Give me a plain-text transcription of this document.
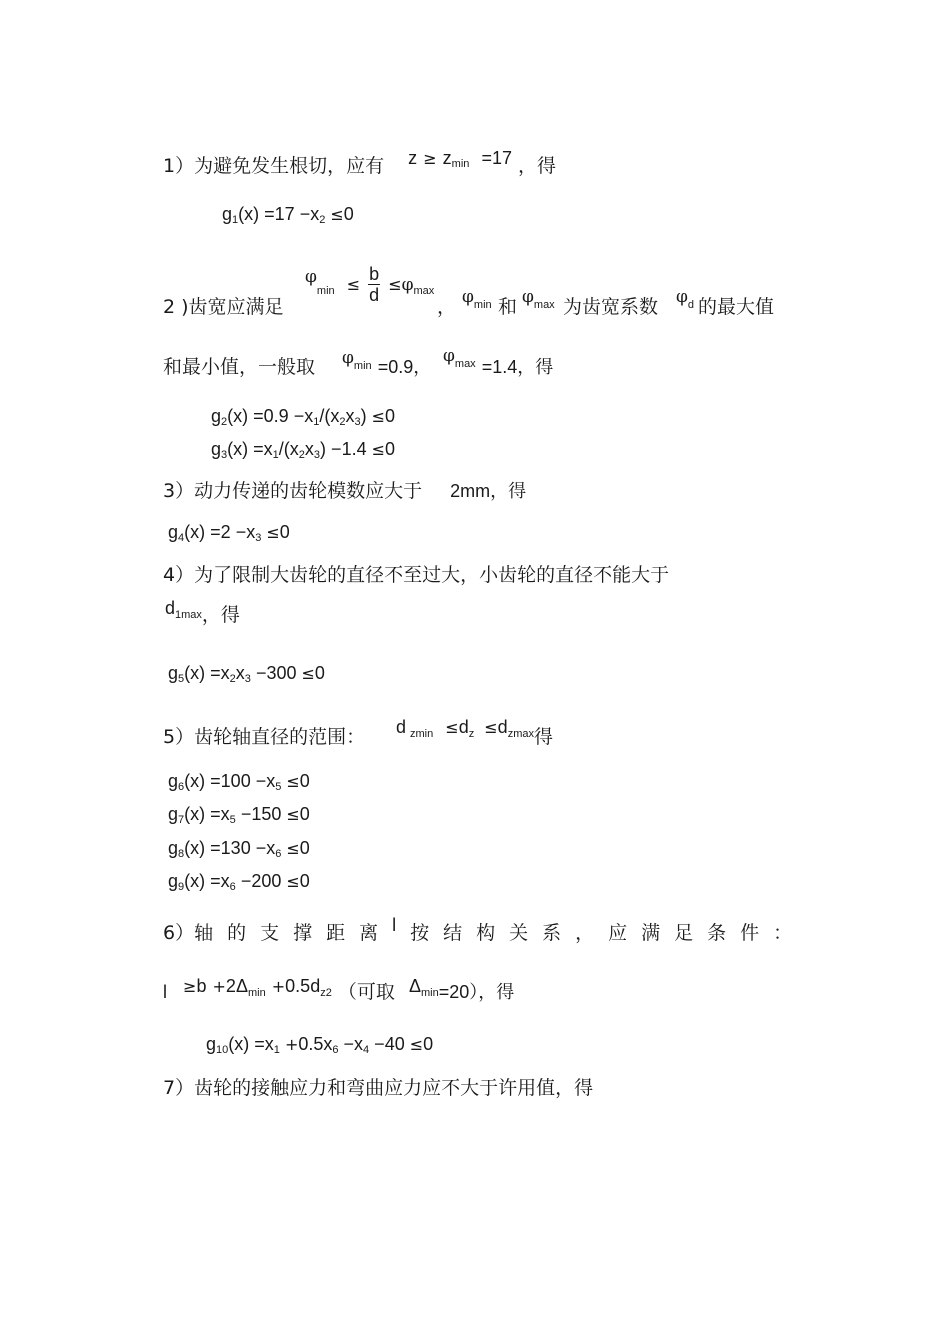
1）为避免发生根切，应有 z ≥ zmin =17 ，得
g1(x) =17 −x2 ≤0
2 )齿宽应满足
$\varphi_{min} \le \frac{b}{d} \le\varphi_{max}$
， $\varphi_{min}$ 和 $\varphi_{max}$ 为齿宽系数 $\varphi_d$ 的最大值
和最小值，一般取 $\varphi_{min} =0.9$，
$\varphi_{max} =1.4$，得
g2(x) =0.9 −x1/(x2x3) ≤0
g3(x) =x1/(x2x3) −1.4 ≤0
3）动力传递的齿轮模数应大于 2mm，得
g4(x) =2 −x3 ≤0
4）为了限制大齿轮的直径不至过大，小齿轮的直径不能大于
d1max，得
g5(x) =x2x3 −300 ≤0
5）齿轮轴直径的范围： d $_{zmin} \le d_z \le d_{zmax}$得
g6(x) =100 −x5 ≤0
g7(x) =x5 −150 ≤0
g8(x) =130 −x6 ≤0
g9(x) =x6 −200 ≤0
6）轴的支撑距离l 按结构关系，应满足条件：
$l \ge b +2\Delta_{min} +0.5d_{z2}$ （可取 $\Delta_{min}=20$），得
g10(x) =x1 +0.5x6 −x4 −40 ≤0
7）齿轮的接触应力和弯曲应力应不大于许用值，得
